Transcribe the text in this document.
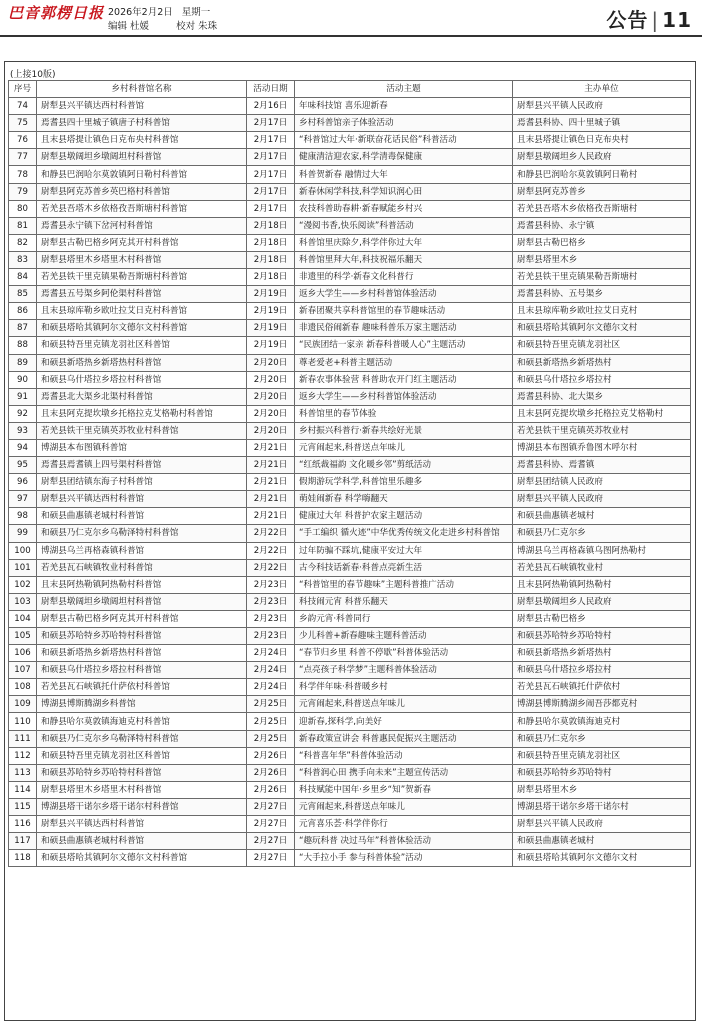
巴音郭楞日报 2026年2月2日 星期一
编辑 杜媛	校对 朱珠	公告 | 11
(上接10版)
序号	乡村科普馆名称	活动日期	活动主题	主办单位
74	尉犁县兴平镇达西村科普馆	2月16日	年味科技馆 喜乐迎新春	尉犁县兴平镇人民政府
75	焉耆县四十里城子镇唐子村科普馆	2月17日	乡村科普馆亲子体验活动	焉耆县科协、四十里城子镇
76	且末县塔提让镇色日克布央村科普馆	2月17日	“科普馆过大年·新联奋花话民俗”科普活动	且末县塔提让镇色日克布央村
77	尉犁县墩阔坦乡墩阔坦村科普馆	2月17日	健康清洁迎农家,科学清毒保健康	尉犁县墩阔坦乡人民政府
78	和静县巴润哈尔莫敦镇阿日勒村科普馆	2月17日	科普贺新春 融情过大年	和静县巴润哈尔莫敦镇阿日勒村
79	尉犁县阿克苏普乡英巴格村科普馆	2月17日	新春休闲学科技,科学知识润心田	尉犁县阿克苏普乡
80	若羌县吾塔木乡依格孜吾斯塘村科普馆	2月17日	农技科普助春耕·新春赋能乡村兴	若羌县吾塔木乡依格孜吾斯塘村
81	焉耆县永宁镇下岔河村科普馆	2月18日	“漫阅书香,快乐阅读”科普活动	焉耆县科协、永宁镇
82	尉犁县古勒巴格乡阿克其开村科普馆	2月18日	科普馆里庆除夕,科学伴你过大年	尉犁县古勒巴格乡
83	尉犁县塔里木乡塔里木村科普馆	2月18日	科普馆里拜大年,科技祝福乐翻天	尉犁县塔里木乡
84	若羌县铁干里克镇果勒吾斯塘村科普馆	2月18日	非遗里的科学·新春文化科普行	若羌县铁干里克镇果勒吾斯塘村
85	焉耆县五号渠乡阿伦渠村科普馆	2月19日	返乡大学生——乡村科普馆体验活动	焉耆县科协、五号渠乡
86	且末县琼库勒乡欧吐拉艾日克村科普馆	2月19日	新春团聚共享科普馆里的春节趣味活动	且末县琼库勒乡欧吐拉艾日克村
87	和硕县塔哈其镇阿尔文德尔文村科普馆	2月19日	非遗民俗闹新春 趣味科普乐万家主题活动	和硕县塔哈其镇阿尔文德尔文村
88	和硕县特吾里克镇龙羽社区科普馆	2月19日	“民族团结一家亲 新春科普暖人心”主题活动	和硕县特吾里克镇龙羽社区
89	和硕县新塔热乡新塔热村科普馆	2月20日	尊老爱老+科普主题活动	和硕县新塔热乡新塔热村
90	和硕县乌什塔拉乡塔拉村科普馆	2月20日	新春农事体验营 科普助农开门红主题活动	和硕县乌什塔拉乡塔拉村
91	焉耆县北大渠乡北渠村科普馆	2月20日	返乡大学生——乡村科普馆体验活动	焉耆县科协、北大渠乡
92	且末县阿克提坎墩乡托格拉克艾格勒村科普馆	2月20日	科普馆里的春节体验	且末县阿克提坎墩乡托格拉克艾格勒村
93	若羌县铁干里克镇英苏牧业村科普馆	2月20日	乡村振兴科普行·新春共绘好光景	若羌县铁干里克镇英苏牧业村
94	博湖县本布图镇科普馆	2月21日	元宵闹起来,科普送点年味儿	博湖县本布图镇乔鲁图木呼尔村
95	焉耆县焉耆镇上四号渠村科普馆	2月21日	“红纸裁福韵 文化暖乡邻”剪纸活动	焉耆县科协、焉耆镇
96	尉犁县团结镇东海子村科普馆	2月21日	假期游玩学科学,科普馆里乐趣多	尉犁县团结镇人民政府
97	尉犁县兴平镇达西村科普馆	2月21日	萌娃闹新春 科学嗨翻天	尉犁县兴平镇人民政府
98	和硕县曲惠镇老城村科普馆	2月21日	健康过大年 科普护农家主题活动	和硕县曲惠镇老城村
99	和硕县乃仁克尔乡乌勒泽特村科普馆	2月22日	“手工编织 循火迹”中华优秀传统文化走进乡村科普馆	和硕县乃仁克尔乡
100	博湖县乌兰再格森镇科普馆	2月22日	过年防骗不踩坑,健康平安过大年	博湖县乌兰再格森镇乌图阿热勒村
101	若羌县瓦石峡镇牧业村科普馆	2月22日	古今科技话新春·科普点亮新生活	若羌县瓦石峡镇牧业村
102	且末县阿热勒镇阿热勒村科普馆	2月23日	“科普馆里的春节趣味”主题科普推广活动	且末县阿热勒镇阿热勒村
103	尉犁县墩阔坦乡墩阔坦村科普馆	2月23日	科技闹元宵 科普乐翻天	尉犁县墩阔坦乡人民政府
104	尉犁县古勒巴格乡阿克其开村科普馆	2月23日	乡韵元宵·科普同行	尉犁县古勒巴格乡
105	和硕县苏哈特乡苏哈特村科普馆	2月23日	少儿科普+新春趣味主题科普活动	和硕县苏哈特乡苏哈特村
106	和硕县新塔热乡新塔热村科普馆	2月24日	“春节归乡里 科普不停歇”科普体验活动	和硕县新塔热乡新塔热村
107	和硕县乌什塔拉乡塔拉村科普馆	2月24日	“点亮孩子科学梦”主题科普体验活动	和硕县乌什塔拉乡塔拉村
108	若羌县瓦石峡镇托什萨依村科普馆	2月24日	科学伴年味·科普暖乡村	若羌县瓦石峡镇托什萨依村
109	博湖县博斯腾湖乡科普馆	2月25日	元宵闹起来,科普送点年味儿	博湖县博斯腾湖乡闹吾莎都克村
110	和静县哈尔莫敦镇海迪克村科普馆	2月25日	迎新春,探科学,向美好	和静县哈尔莫敦镇海迪克村
111	和硕县乃仁克尔乡乌勒泽特村科普馆	2月25日	新春政策宣讲会 科普惠民促振兴主题活动	和硕县乃仁克尔乡
112	和硕县特吾里克镇龙羽社区科普馆	2月26日	“科普喜年华”科普体验活动	和硕县特吾里克镇龙羽社区
113	和硕县苏哈特乡苏哈特村科普馆	2月26日	“科普润心田 携手向未来”主题宣传活动	和硕县苏哈特乡苏哈特村
114	尉犁县塔里木乡塔里木村科普馆	2月26日	科技赋能中国年·乡里乡“知”贺新春	尉犁县塔里木乡
115	博湖县塔干诺尔乡塔干诺尔村科普馆	2月27日	元宵闹起来,科普送点年味儿	博湖县塔干诺尔乡塔干诺尔村
116	尉犁县兴平镇达西村科普馆	2月27日	元宵喜乐荟·科学伴你行	尉犁县兴平镇人民政府
117	和硕县曲惠镇老城村科普馆	2月27日	“趣玩科普 决过马年”科普体验活动	和硕县曲惠镇老城村
118	和硕县塔哈其镇阿尔文德尔文村科普馆	2月27日	“大手拉小手 参与科普体验”活动	和硕县塔哈其镇阿尔文德尔文村
